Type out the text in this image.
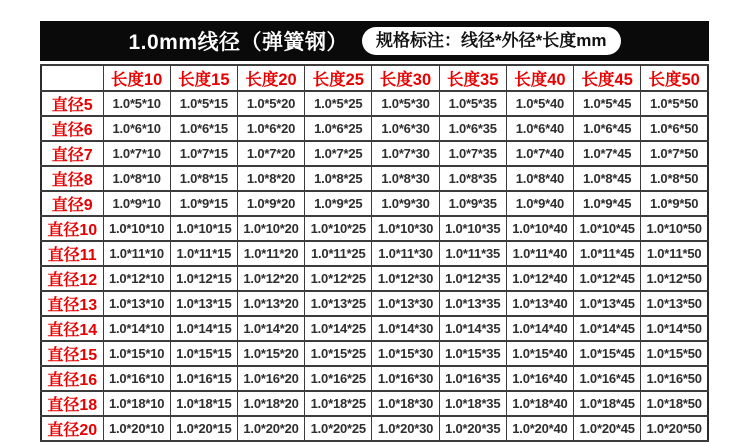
1.0mm线径（弹簧钢）	规格标注：线径*外径*长度mm
	长度10	长度15	长度20	长度25	长度30	长度35	长度40	长度45	长度50
直径5	1.0*5*10	1.0*5*15	1.0*5*20	1.0*5*25	1.0*5*30	1.0*5*35	1.0*5*40	1.0*5*45	1.0*5*50
直径6	1.0*6*10	1.0*6*15	1.0*6*20	1.0*6*25	1.0*6*30	1.0*6*35	1.0*6*40	1.0*6*45	1.0*6*50
直径7	1.0*7*10	1.0*7*15	1.0*7*20	1.0*7*25	1.0*7*30	1.0*7*35	1.0*7*40	1.0*7*45	1.0*7*50
直径8	1.0*8*10	1.0*8*15	1.0*8*20	1.0*8*25	1.0*8*30	1.0*8*35	1.0*8*40	1.0*8*45	1.0*8*50
直径9	1.0*9*10	1.0*9*15	1.0*9*20	1.0*9*25	1.0*9*30	1.0*9*35	1.0*9*40	1.0*9*45	1.0*9*50
直径10	1.0*10*10	1.0*10*15	1.0*10*20	1.0*10*25	1.0*10*30	1.0*10*35	1.0*10*40	1.0*10*45	1.0*10*50
直径11	1.0*11*10	1.0*11*15	1.0*11*20	1.0*11*25	1.0*11*30	1.0*11*35	1.0*11*40	1.0*11*45	1.0*11*50
直径12	1.0*12*10	1.0*12*15	1.0*12*20	1.0*12*25	1.0*12*30	1.0*12*35	1.0*12*40	1.0*12*45	1.0*12*50
直径13	1.0*13*10	1.0*13*15	1.0*13*20	1.0*13*25	1.0*13*30	1.0*13*35	1.0*13*40	1.0*13*45	1.0*13*50
直径14	1.0*14*10	1.0*14*15	1.0*14*20	1.0*14*25	1.0*14*30	1.0*14*35	1.0*14*40	1.0*14*45	1.0*14*50
直径15	1.0*15*10	1.0*15*15	1.0*15*20	1.0*15*25	1.0*15*30	1.0*15*35	1.0*15*40	1.0*15*45	1.0*15*50
直径16	1.0*16*10	1.0*16*15	1.0*16*20	1.0*16*25	1.0*16*30	1.0*16*35	1.0*16*40	1.0*16*45	1.0*16*50
直径18	1.0*18*10	1.0*18*15	1.0*18*20	1.0*18*25	1.0*18*30	1.0*18*35	1.0*18*40	1.0*18*45	1.0*18*50
直径20	1.0*20*10	1.0*20*15	1.0*20*20	1.0*20*25	1.0*20*30	1.0*20*35	1.0*20*40	1.0*20*45	1.0*20*50
